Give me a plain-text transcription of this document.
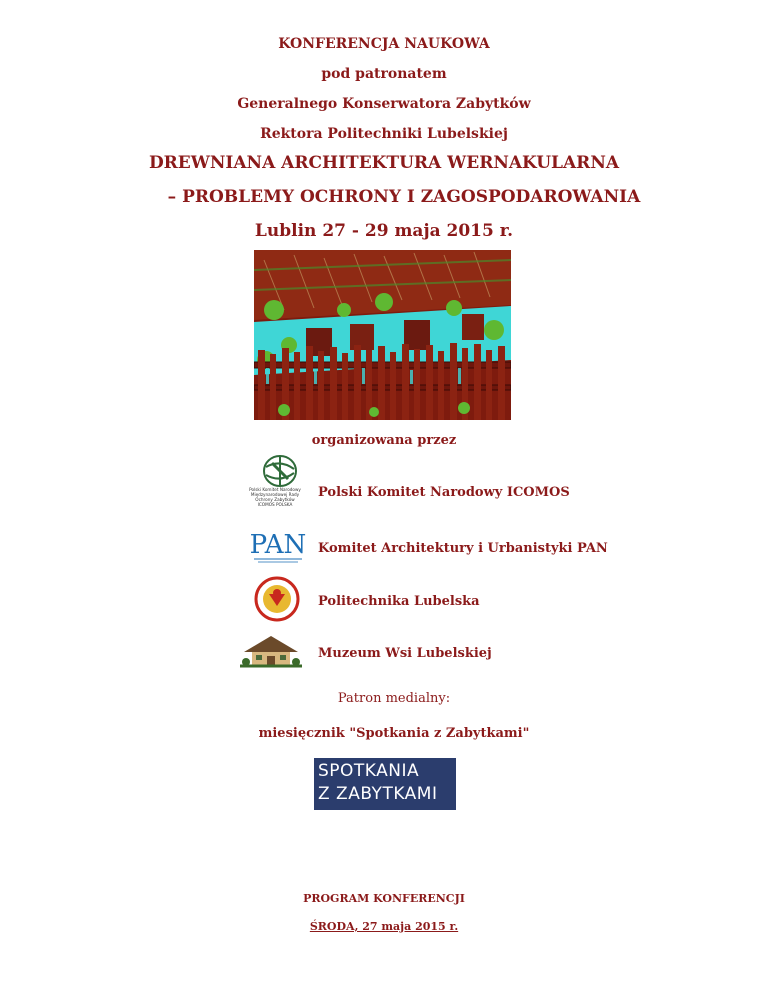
KONFERENCJA NAUKOWA
pod patronatem
Generalnego Konserwatora Zabytków
Rektora Politechniki Lubelskiej
DREWNIANA ARCHITEKTURA WERNAKULARNA
– PROBLEMY OCHRONY I ZAGOSPODAROWANIA
Lublin 27 - 29 maja 2015 r.
organizowana przez
Polski Komitet Narodowy
Międzynarodowej Rady
Ochrony Zabytków
ICOMOS POLSKA
Polski Komitet Narodowy ICOMOS
PAN Komitet Architektury i Urbanistyki PAN
Politechnika Lubelska
Muzeum Wsi Lubelskiej
Patron medialny:
miesięcznik "Spotkania z Zabytkami"
SPOTKANIA
Z ZABYTKAMI
PROGRAM KONFERENCJI
ŚRODA, 27 maja 2015 r.
